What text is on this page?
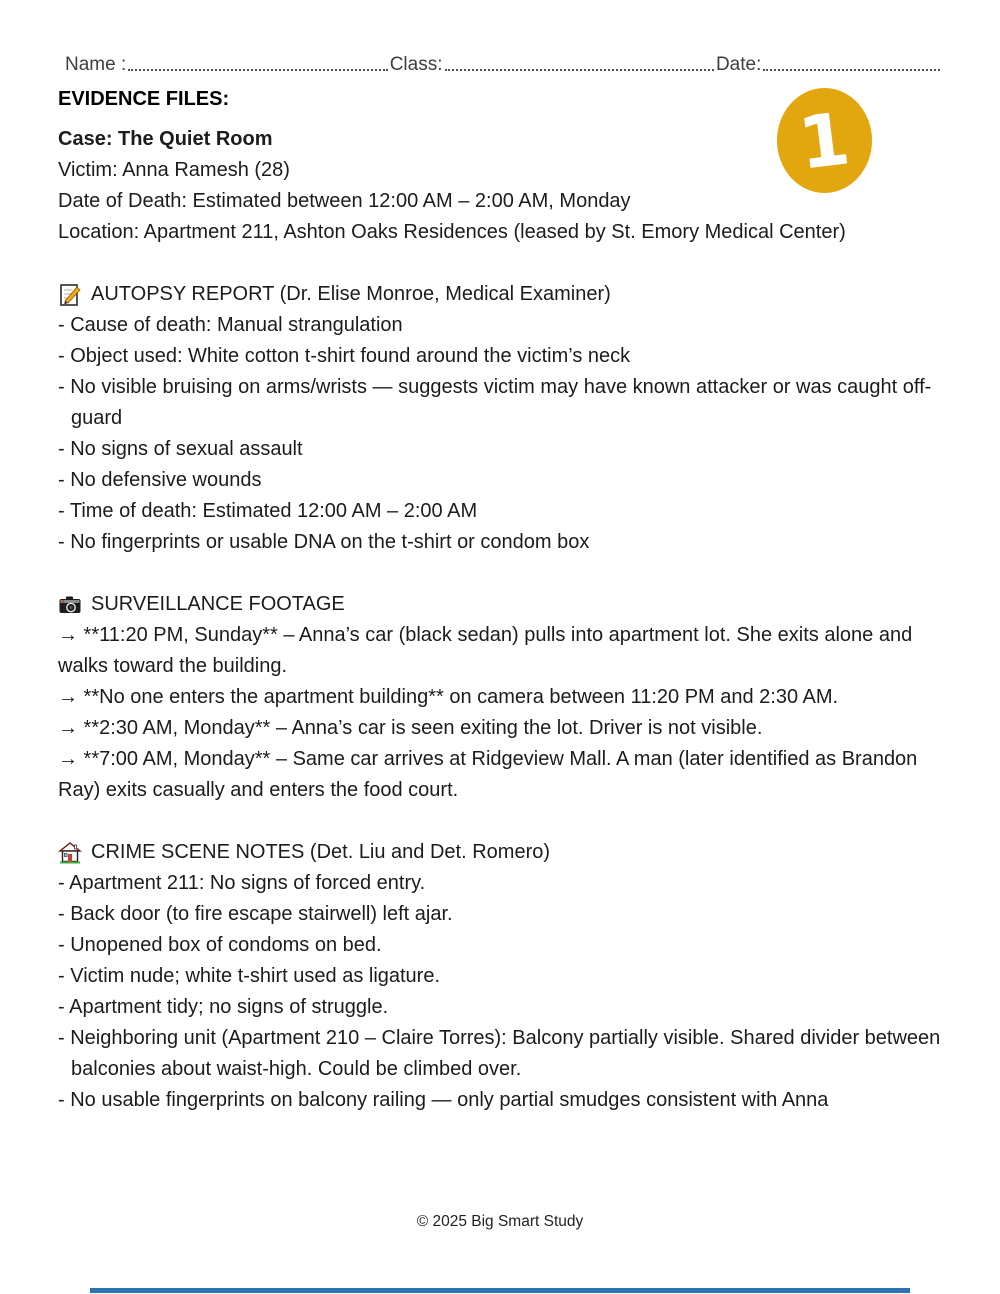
Name :	Class:	Date:
1
EVIDENCE FILES:

Case: The Quiet Room

Victim: Anna Ramesh (28)

Date of Death: Estimated between 12:00 AM – 2:00 AM, Monday

Location: Apartment 211, Ashton Oaks Residences (leased by St. Emory Medical Center)

AUTOPSY REPORT (Dr. Elise Monroe, Medical Examiner)

- Cause of death: Manual strangulation

- Object used: White cotton t-shirt found around the victim’s neck

- No visible bruising on arms/wrists — suggests victim may have known attacker or was caught off-guard

- No signs of sexual assault

- No defensive wounds

- Time of death: Estimated 12:00 AM – 2:00 AM

- No fingerprints or usable DNA on the t-shirt or condom box

SURVEILLANCE FOOTAGE

→ **11:20 PM, Sunday** – Anna’s car (black sedan) pulls into apartment lot. She exits alone and walks toward the building.

→ **No one enters the apartment building** on camera between 11:20 PM and 2:30 AM.

→ **2:30 AM, Monday** – Anna’s car is seen exiting the lot. Driver is not visible.

→ **7:00 AM, Monday** – Same car arrives at Ridgeview Mall. A man (later identified as Brandon Ray) exits casually and enters the food court.

CRIME SCENE NOTES (Det. Liu and Det. Romero)

- Apartment 211: No signs of forced entry.

- Back door (to fire escape stairwell) left ajar.

- Unopened box of condoms on bed.

- Victim nude; white t-shirt used as ligature.

- Apartment tidy; no signs of struggle.

- Neighboring unit (Apartment 210 – Claire Torres): Balcony partially visible. Shared divider between balconies about waist-high. Could be climbed over.

- No usable fingerprints on balcony railing — only partial smudges consistent with Anna

© 2025 Big Smart Study
